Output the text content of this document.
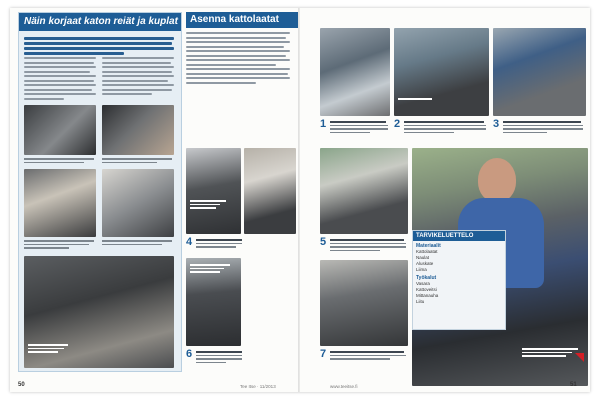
Näin korjaat katon reiät ja kuplat	Asenna kattolaatat
4
6
50	Tee Itse · 11/2013
1	2	3
5
7
TARVIKELUETTELO
Materiaalit
Kattolaatat
Naulat
Aluskate
Liima
Työkalut
Vasara
Kattoveitsi
Mittanauha
Liitu
www.teeitse.fi	51
